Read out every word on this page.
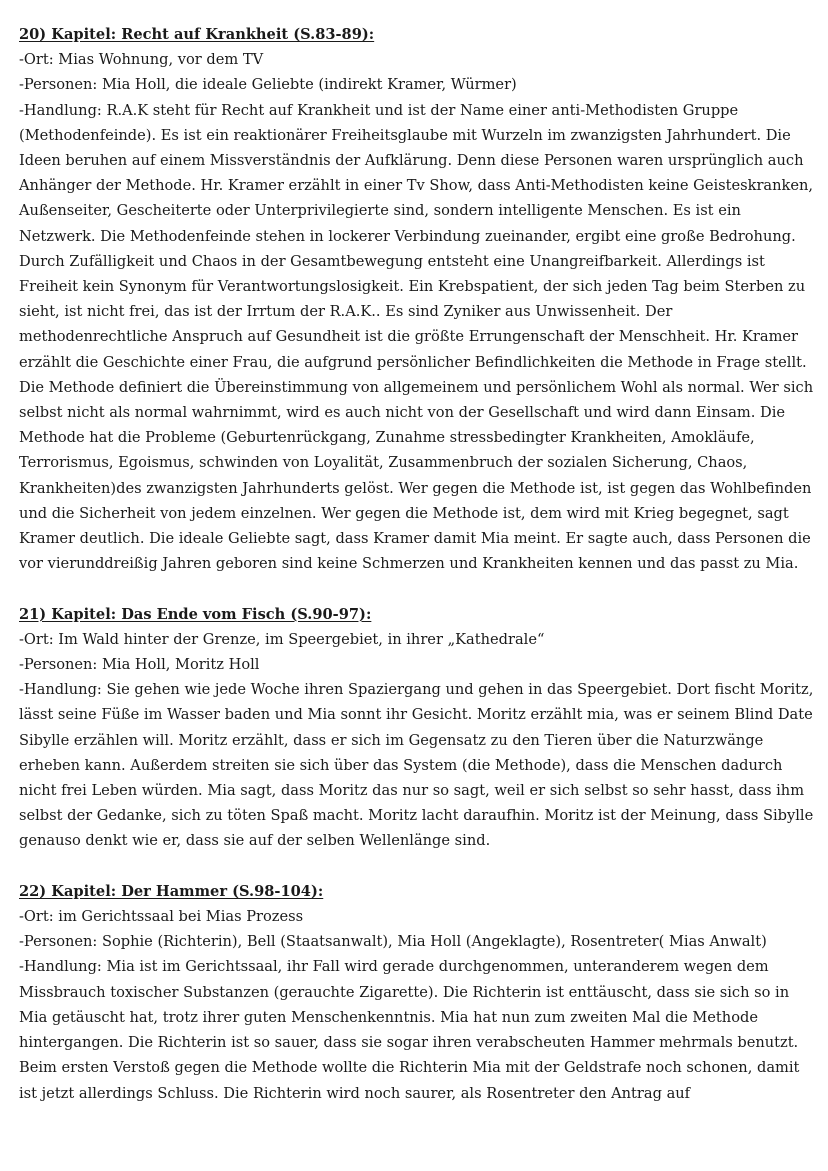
20) Kapitel: Recht auf Krankheit (S.83-89):
-Ort: Mias Wohnung, vor dem TV
-Personen: Mia Holl, die ideale Geliebte (indirekt Kramer, Würmer)

-Handlung: R.A.K steht für Recht auf Krankheit und ist der Name einer anti-Methodisten Gruppe (Methodenfeinde). Es ist ein reaktionärer Freiheitsglaube mit Wurzeln im zwanzigsten Jahrhundert. Die Ideen beruhen auf einem Missverständnis der Aufklärung. Denn diese Personen waren ursprünglich auch Anhänger der Methode. Hr. Kramer erzählt in einer Tv Show, dass Anti-Methodisten keine Geisteskranken, Außenseiter, Gescheiterte oder Unterprivilegierte sind, sondern intelligente Menschen. Es ist ein Netzwerk. Die Methodenfeinde stehen in lockerer Verbindung zueinander, ergibt eine große Bedrohung. Durch Zufälligkeit und Chaos in der Gesamtbewegung entsteht eine Unangreifbarkeit. Allerdings ist Freiheit kein Synonym für Verantwortungslosigkeit. Ein Krebspatient, der sich jeden Tag beim Sterben zu sieht, ist nicht frei, das ist der Irrtum der R.A.K.. Es sind Zyniker aus Unwissenheit. Der methodenrechtliche Anspruch auf Gesundheit ist die größte Errungenschaft der Menschheit. Hr. Kramer erzählt die Geschichte einer Frau, die aufgrund persönlicher Befindlichkeiten die Methode in Frage stellt. Die Methode definiert die Übereinstimmung von allgemeinem und persönlichem Wohl als normal. Wer sich selbst nicht als normal wahrnimmt, wird es auch nicht von der Gesellschaft und wird dann Einsam. Die Methode hat die Probleme (Geburtenrückgang, Zunahme stressbedingter Krankheiten, Amokläufe, Terrorismus, Egoismus, schwinden von Loyalität, Zusammenbruch der sozialen Sicherung, Chaos, Krankheiten)des zwanzigsten Jahrhunderts gelöst. Wer gegen die Methode ist, ist gegen das Wohlbefinden und die Sicherheit von jedem einzelnen. Wer gegen die Methode ist, dem wird mit Krieg begegnet, sagt Kramer deutlich. Die ideale Geliebte sagt, dass Kramer damit Mia meint. Er sagte auch, dass Personen die vor vierunddreißig Jahren geboren sind keine Schmerzen und Krankheiten kennen und das passt zu Mia.

21) Kapitel: Das Ende vom Fisch (S.90-97):
-Ort: Im Wald hinter der Grenze, im Speergebiet, in ihrer „Kathedrale“
-Personen: Mia Holl, Moritz Holl

-Handlung: Sie gehen wie jede Woche ihren Spaziergang und gehen in das Speergebiet. Dort fischt Moritz, lässt seine Füße im Wasser baden und Mia sonnt ihr Gesicht. Moritz erzählt mia, was er seinem Blind Date Sibylle erzählen will. Moritz erzählt, dass er sich im Gegensatz zu den Tieren über die Naturzwänge erheben kann. Außerdem streiten sie sich über das System (die Methode), dass die Menschen dadurch nicht frei Leben würden. Mia sagt, dass Moritz das nur so sagt, weil er sich selbst so sehr hasst, dass ihm selbst der Gedanke, sich zu töten Spaß macht. Moritz lacht daraufhin. Moritz ist der Meinung, dass Sibylle genauso denkt wie er, dass sie auf der selben Wellenlänge sind.

22) Kapitel: Der Hammer (S.98-104):
-Ort: im Gerichtssaal bei Mias Prozess
-Personen: Sophie (Richterin), Bell (Staatsanwalt), Mia Holl (Angeklagte), Rosentreter( Mias Anwalt)

-Handlung: Mia ist im Gerichtssaal, ihr Fall wird gerade durchgenommen, unteranderem wegen dem Missbrauch toxischer Substanzen (gerauchte Zigarette). Die Richterin ist enttäuscht, dass sie sich so in Mia getäuscht hat, trotz ihrer guten Menschenkenntnis. Mia hat nun zum zweiten Mal die Methode hintergangen. Die Richterin ist so sauer, dass sie sogar ihren verabscheuten Hammer mehrmals benutzt. Beim ersten Verstoß gegen die Methode wollte die Richterin Mia mit der Geldstrafe noch schonen, damit ist jetzt allerdings Schluss. Die Richterin wird noch saurer, als Rosentreter den Antrag auf
